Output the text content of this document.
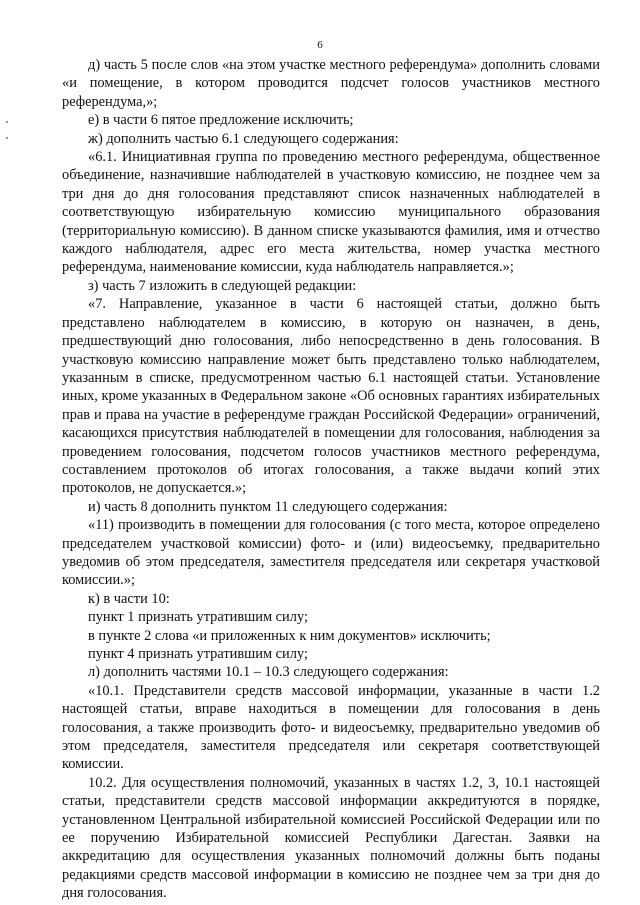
6

д) часть 5 после слов «на этом участке местного референдума» дополнить словами «и помещение, в котором проводится подсчет голосов участников местного референдума,»;

е) в части 6 пятое предложение исключить;

ж) дополнить частью 6.1 следующего содержания:

«6.1. Инициативная группа по проведению местного референдума, общественное объединение, назначившие наблюдателей в участковую комиссию, не позднее чем за три дня до дня голосования представляют список назначенных наблюдателей в соответствующую избирательную комиссию муниципального образования (территориальную комиссию). В данном списке указываются фамилия, имя и отчество каждого наблюдателя, адрес его места жительства, номер участка местного референдума, наименование комиссии, куда наблюдатель направляется.»;

з) часть 7 изложить в следующей редакции:

«7. Направление, указанное в части 6 настоящей статьи, должно быть представлено наблюдателем в комиссию, в которую он назначен, в день, предшествующий дню голосования, либо непосредственно в день голосования. В участковую комиссию направление может быть представлено только наблюдателем, указанным в списке, предусмотренном частью 6.1 настоящей статьи. Установление иных, кроме указанных в Федеральном законе «Об основных гарантиях избирательных прав и права на участие в референдуме граждан Российской Федерации» ограничений, касающихся присутствия наблюдателей в помещении для голосования, наблюдения за проведением голосования, подсчетом голосов участников местного референдума, составлением протоколов об итогах голосования, а также выдачи копий этих протоколов, не допускается.»;

и) часть 8 дополнить пунктом 11 следующего содержания:

«11) производить в помещении для голосования (с того места, которое определено председателем участковой комиссии) фото- и (или) видеосъемку, предварительно уведомив об этом председателя, заместителя председателя или секретаря участковой комиссии.»;

к) в части 10:

пункт 1 признать утратившим силу;

в пункте 2 слова «и приложенных к ним документов» исключить;

пункт 4 признать утратившим силу;

л) дополнить частями 10.1 – 10.3 следующего содержания:

«10.1. Представители средств массовой информации, указанные в части 1.2 настоящей статьи, вправе находиться в помещении для голосования в день голосования, а также производить фото- и видеосъемку, предварительно уведомив об этом председателя, заместителя председателя или секретаря соответствующей комиссии.

10.2. Для осуществления полномочий, указанных в частях 1.2, 3, 10.1 настоящей статьи, представители средств массовой информации аккредитуются в порядке, установленном Центральной избирательной комиссией Российской Федерации или по ее поручению Избирательной комиссией Республики Дагестан. Заявки на аккредитацию для осуществления указанных полномочий должны быть поданы редакциями средств массовой информации в комиссию не позднее чем за три дня до дня голосования.
